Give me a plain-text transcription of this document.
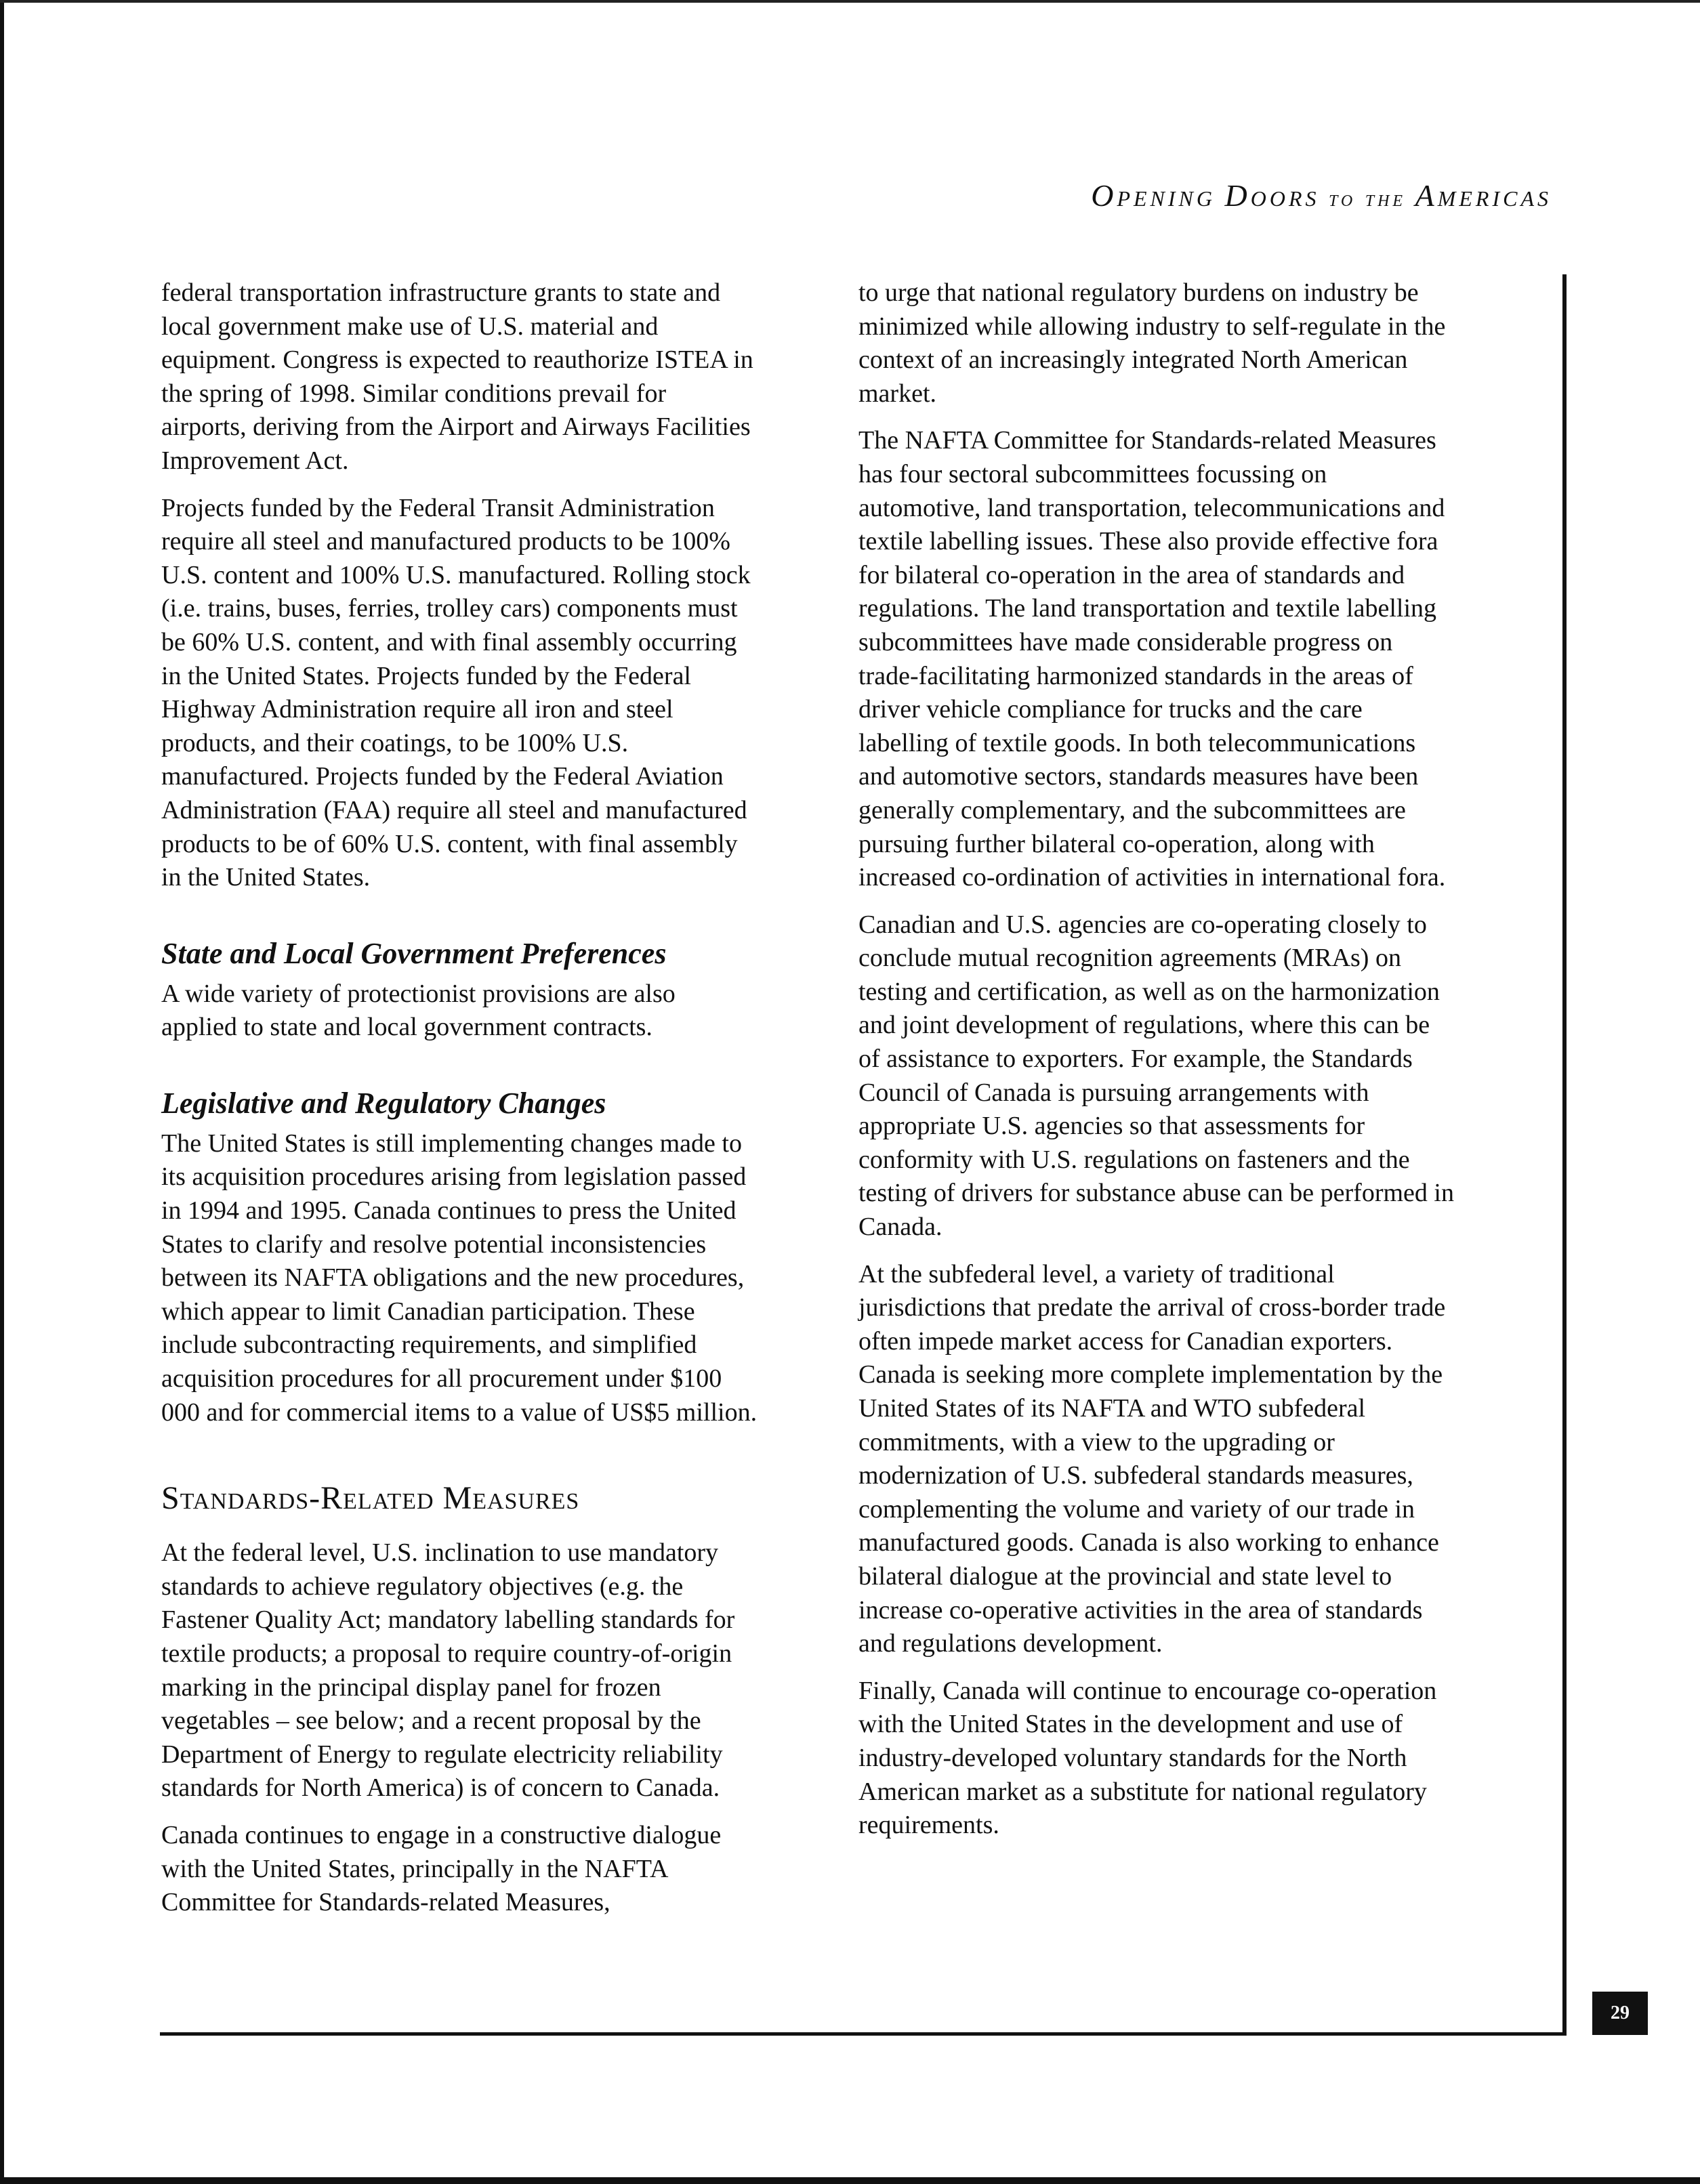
Opening Doors to the Americas

federal transportation infrastructure grants to state and local government make use of U.S. material and equipment. Congress is expected to reauthorize ISTEA in the spring of 1998. Similar conditions prevail for airports, deriving from the Airport and Airways Facilities Improvement Act.

Projects funded by the Federal Transit Administration require all steel and manufactured products to be 100% U.S. content and 100% U.S. manufactured. Rolling stock (i.e. trains, buses, ferries, trolley cars) components must be 60% U.S. content, and with final assembly occurring in the United States. Projects funded by the Federal Highway Administration require all iron and steel products, and their coatings, to be 100% U.S. manufactured. Projects funded by the Federal Aviation Administration (FAA) require all steel and manufactured products to be of 60% U.S. content, with final assembly in the United States.

State and Local Government Preferences

A wide variety of protectionist provisions are also applied to state and local government contracts.

Legislative and Regulatory Changes

The United States is still implementing changes made to its acquisition procedures arising from legislation passed in 1994 and 1995. Canada continues to press the United States to clarify and resolve potential inconsistencies between its NAFTA obligations and the new procedures, which appear to limit Canadian participation. These include subcontracting requirements, and simplified acquisition procedures for all procurement under $100 000 and for commercial items to a value of US$5 million.

Standards-Related Measures

At the federal level, U.S. inclination to use mandatory standards to achieve regulatory objectives (e.g. the Fastener Quality Act; mandatory labelling standards for textile products; a proposal to require country-of-origin marking in the principal display panel for frozen vegetables – see below; and a recent proposal by the Department of Energy to regulate electricity reliability standards for North America) is of concern to Canada.

Canada continues to engage in a constructive dialogue with the United States, principally in the NAFTA Committee for Standards-related Measures,

to urge that national regulatory burdens on industry be minimized while allowing industry to self-regulate in the context of an increasingly integrated North American market.

The NAFTA Committee for Standards-related Measures has four sectoral subcommittees focussing on automotive, land transportation, telecommunications and textile labelling issues. These also provide effective fora for bilateral co-operation in the area of standards and regulations. The land transportation and textile labelling subcommittees have made considerable progress on trade-facilitating harmonized standards in the areas of driver vehicle compliance for trucks and the care labelling of textile goods. In both telecommunications and automotive sectors, standards measures have been generally complementary, and the subcommittees are pursuing further bilateral co-operation, along with increased co-ordination of activities in international fora.

Canadian and U.S. agencies are co-operating closely to conclude mutual recognition agreements (MRAs) on testing and certification, as well as on the harmonization and joint development of regulations, where this can be of assistance to exporters. For example, the Standards Council of Canada is pursuing arrangements with appropriate U.S. agencies so that assessments for conformity with U.S. regulations on fasteners and the testing of drivers for substance abuse can be performed in Canada.

At the subfederal level, a variety of traditional jurisdictions that predate the arrival of cross-border trade often impede market access for Canadian exporters. Canada is seeking more complete implementation by the United States of its NAFTA and WTO subfederal commitments, with a view to the upgrading or modernization of U.S. subfederal standards measures, complementing the volume and variety of our trade in manufactured goods. Canada is also working to enhance bilateral dialogue at the provincial and state level to increase co-operative activities in the area of standards and regulations development.

Finally, Canada will continue to encourage co-operation with the United States in the development and use of industry-developed voluntary standards for the North American market as a substitute for national regulatory requirements.

29
